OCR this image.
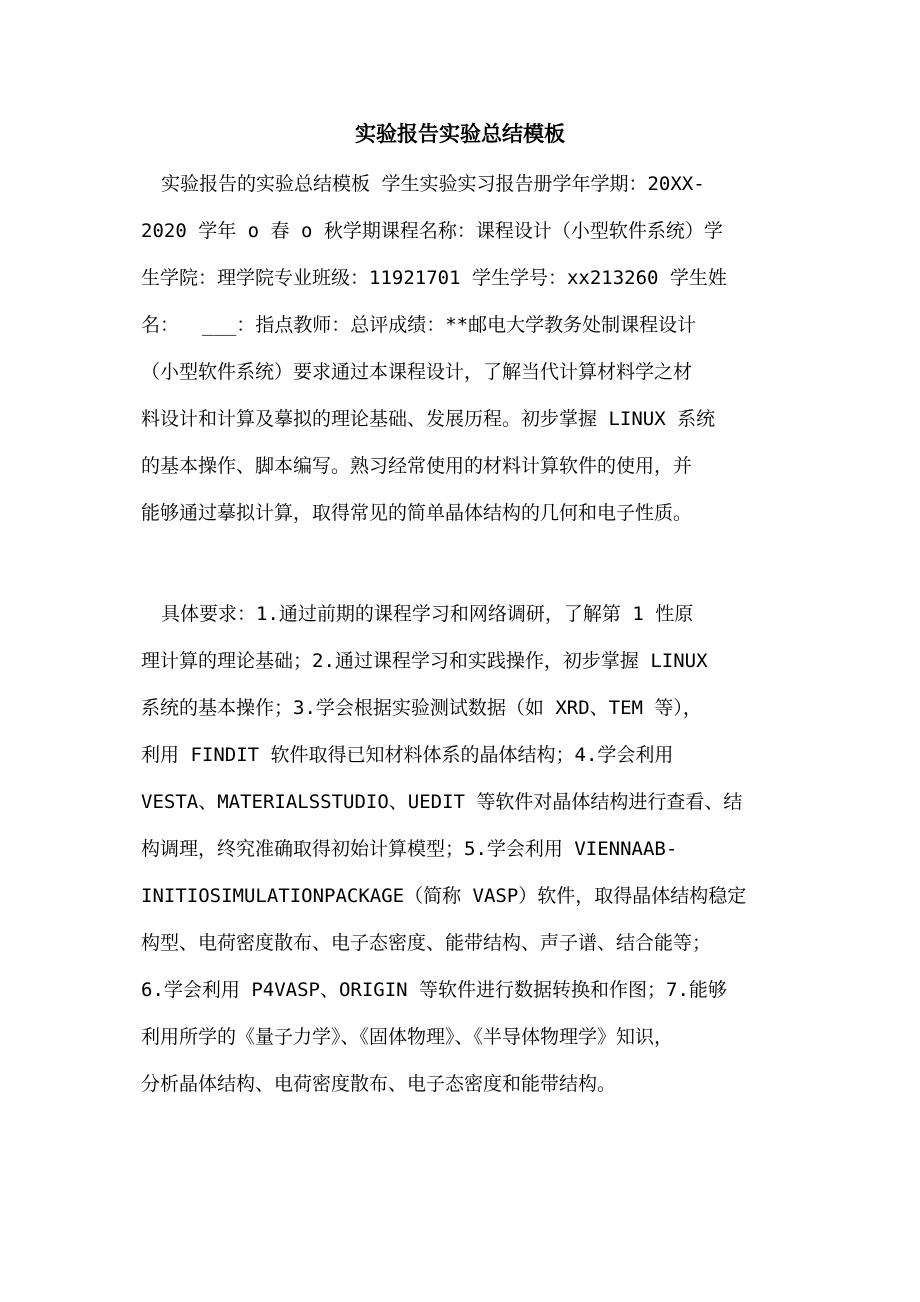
实验报告实验总结模板

实验报告的实验总结模板 学生实验实习报告册学年学期：20XX-

2020 学年 o 春 o 秋学期课程名称：课程设计（小型软件系统）学

生学院：理学院专业班级：11921701 学生学号：xx213260 学生姓

名：  ___：指点教师：总评成绩：**邮电大学教务处制课程设计

（小型软件系统）要求通过本课程设计，了解当代计算材料学之材

料设计和计算及摹拟的理论基础、发展历程。初步掌握 LINUX 系统

的基本操作、脚本编写。熟习经常使用的材料计算软件的使用，并

能够通过摹拟计算，取得常见的简单晶体结构的几何和电子性质。

具体要求：1.通过前期的课程学习和网络调研，了解第 1 性原

理计算的理论基础；2.通过课程学习和实践操作，初步掌握 LINUX

系统的基本操作；3.学会根据实验测试数据（如 XRD、TEM 等），

利用 FINDIT 软件取得已知材料体系的晶体结构；4.学会利用

VESTA、MATERIALSSTUDIO、UEDIT 等软件对晶体结构进行查看、结

构调理，终究准确取得初始计算模型；5.学会利用 VIENNAAB-

INITIOSIMULATIONPACKAGE（简称 VASP）软件，取得晶体结构稳定

构型、电荷密度散布、电子态密度、能带结构、声子谱、结合能等；

6.学会利用 P4VASP、ORIGIN 等软件进行数据转换和作图；7.能够

利用所学的《量子力学》、《固体物理》、《半导体物理学》知识，

分析晶体结构、电荷密度散布、电子态密度和能带结构。
